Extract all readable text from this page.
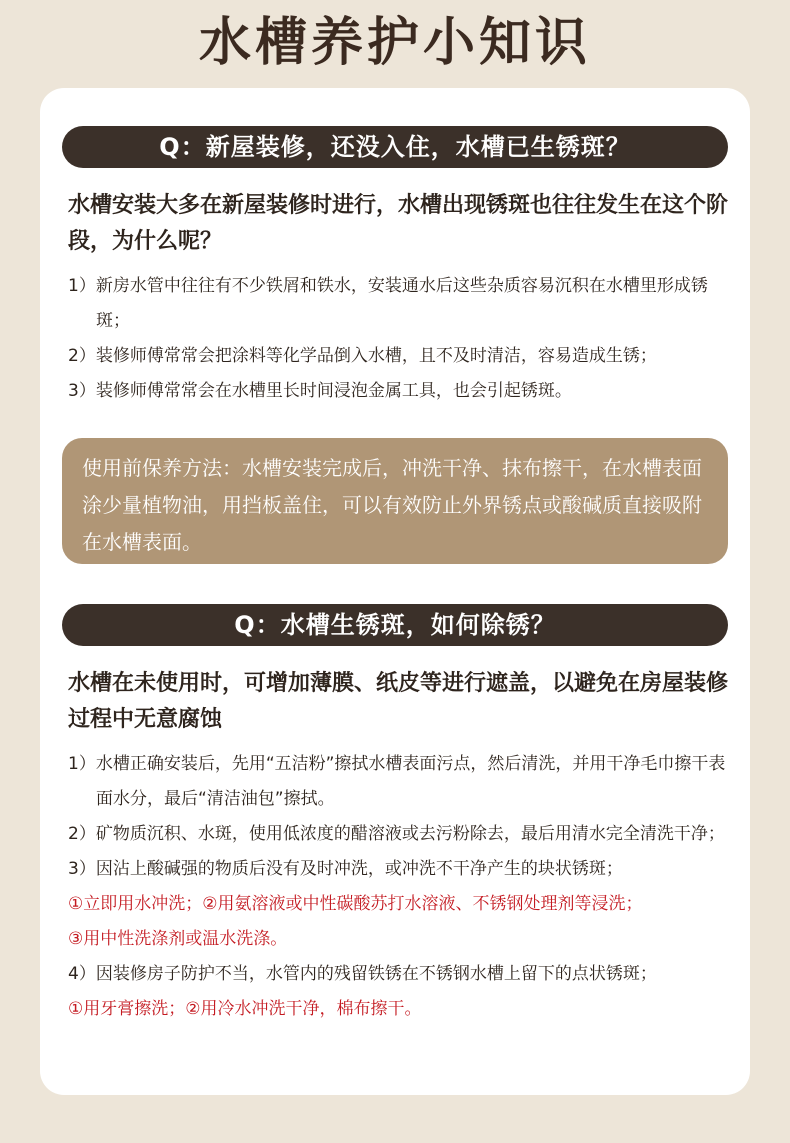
水槽养护小知识
Q：新屋装修，还没入住，水槽已生锈斑？
水槽安装大多在新屋装修时进行，水槽出现锈斑也往往发生在这个阶段，为什么呢？
1）新房水管中往往有不少铁屑和铁水，安装通水后这些杂质容易沉积在水槽里形成锈斑；
2）装修师傅常常会把涂料等化学品倒入水槽，且不及时清洁，容易造成生锈；
3）装修师傅常常会在水槽里长时间浸泡金属工具，也会引起锈斑。
使用前保养方法：水槽安装完成后，冲洗干净、抹布擦干，在水槽表面涂少量植物油，用挡板盖住，可以有效防止外界锈点或酸碱质直接吸附在水槽表面。
Q：水槽生锈斑，如何除锈？
水槽在未使用时，可增加薄膜、纸皮等进行遮盖，以避免在房屋装修过程中无意腐蚀
1）水槽正确安装后，先用“五洁粉”擦拭水槽表面污点，然后清洗，并用干净毛巾擦干表面水分，最后“清洁油包”擦拭。
2）矿物质沉积、水斑，使用低浓度的醋溶液或去污粉除去，最后用清水完全清洗干净；
3）因沾上酸碱强的物质后没有及时冲洗，或冲洗不干净产生的块状锈斑；
①立即用水冲洗；②用氨溶液或中性碳酸苏打水溶液、不锈钢处理剂等浸洗；
③用中性洗涤剂或温水洗涤。
4）因装修房子防护不当，水管内的残留铁锈在不锈钢水槽上留下的点状锈斑；
①用牙膏擦洗；②用冷水冲洗干净，棉布擦干。
